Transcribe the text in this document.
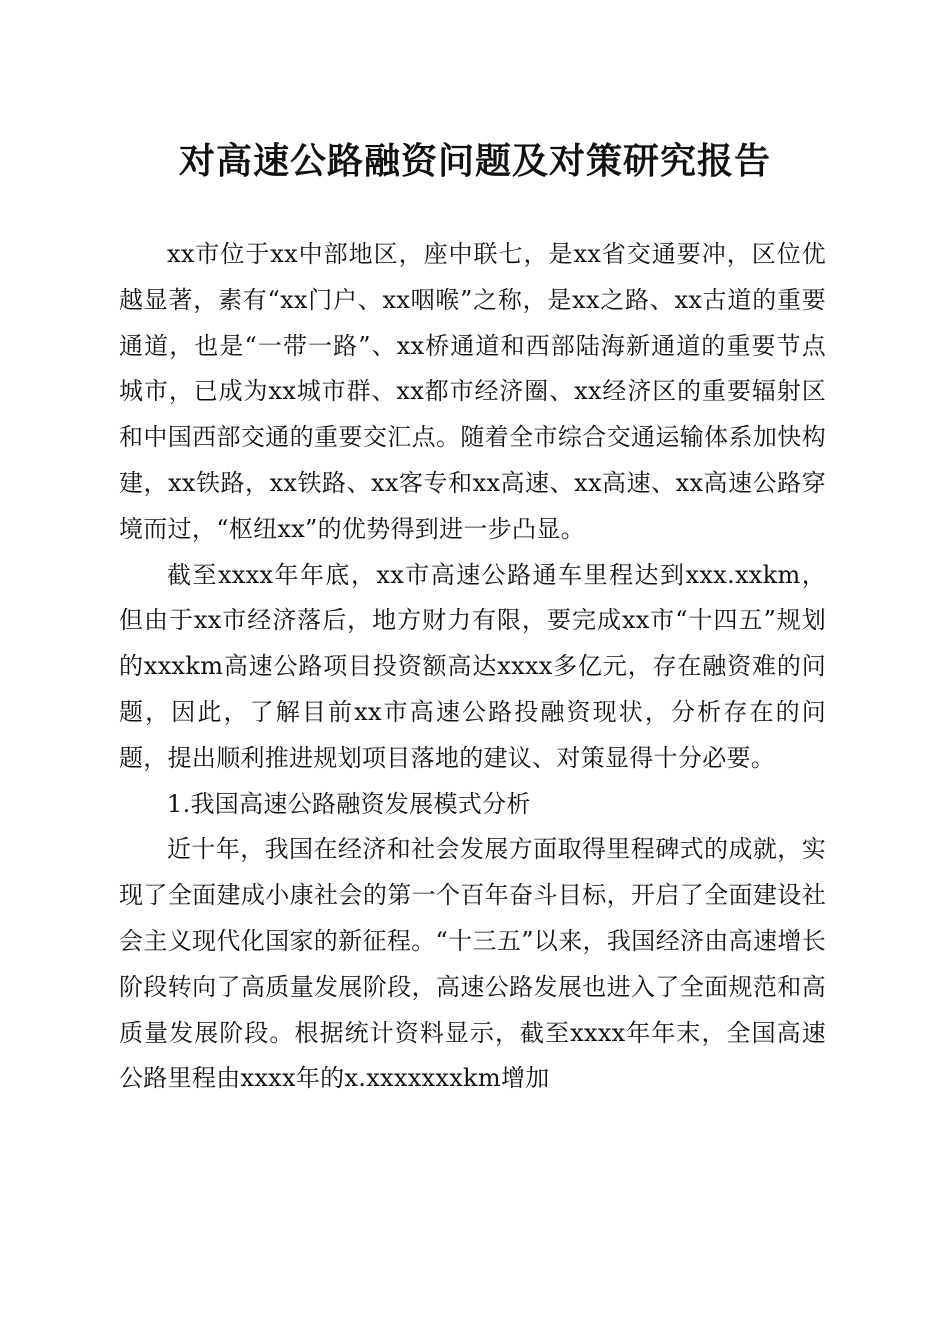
对高速公路融资问题及对策研究报告

xx市位于xx中部地区，座中联七，是xx省交通要冲，区位优越显著，素有“xx门户、xx咽喉”之称，是xx之路、xx古道的重要通道，也是“一带一路”、xx桥通道和西部陆海新通道的重要节点城市，已成为xx城市群、xx都市经济圈、xx经济区的重要辐射区和中国西部交通的重要交汇点。随着全市综合交通运输体系加快构建，xx铁路，xx铁路、xx客专和xx高速、xx高速、xx高速公路穿境而过，“枢纽xx”的优势得到进一步凸显。

截至xxxx年年底，xx市高速公路通车里程达到xxx.xxkm，但由于xx市经济落后，地方财力有限，要完成xx市“十四五”规划的xxxkm高速公路项目投资额高达xxxx多亿元，存在融资难的问题，因此，了解目前xx市高速公路投融资现状，分析存在的问题，提出顺利推进规划项目落地的建议、对策显得十分必要。

1.我国高速公路融资发展模式分析

近十年，我国在经济和社会发展方面取得里程碑式的成就，实现了全面建成小康社会的第一个百年奋斗目标，开启了全面建设社会主义现代化国家的新征程。“十三五”以来，我国经济由高速增长阶段转向了高质量发展阶段，高速公路发展也进入了全面规范和高质量发展阶段。根据统计资料显示，截至xxxx年年末，全国高速公路里程由xxxx年的x.xxxxxxxkm增加
